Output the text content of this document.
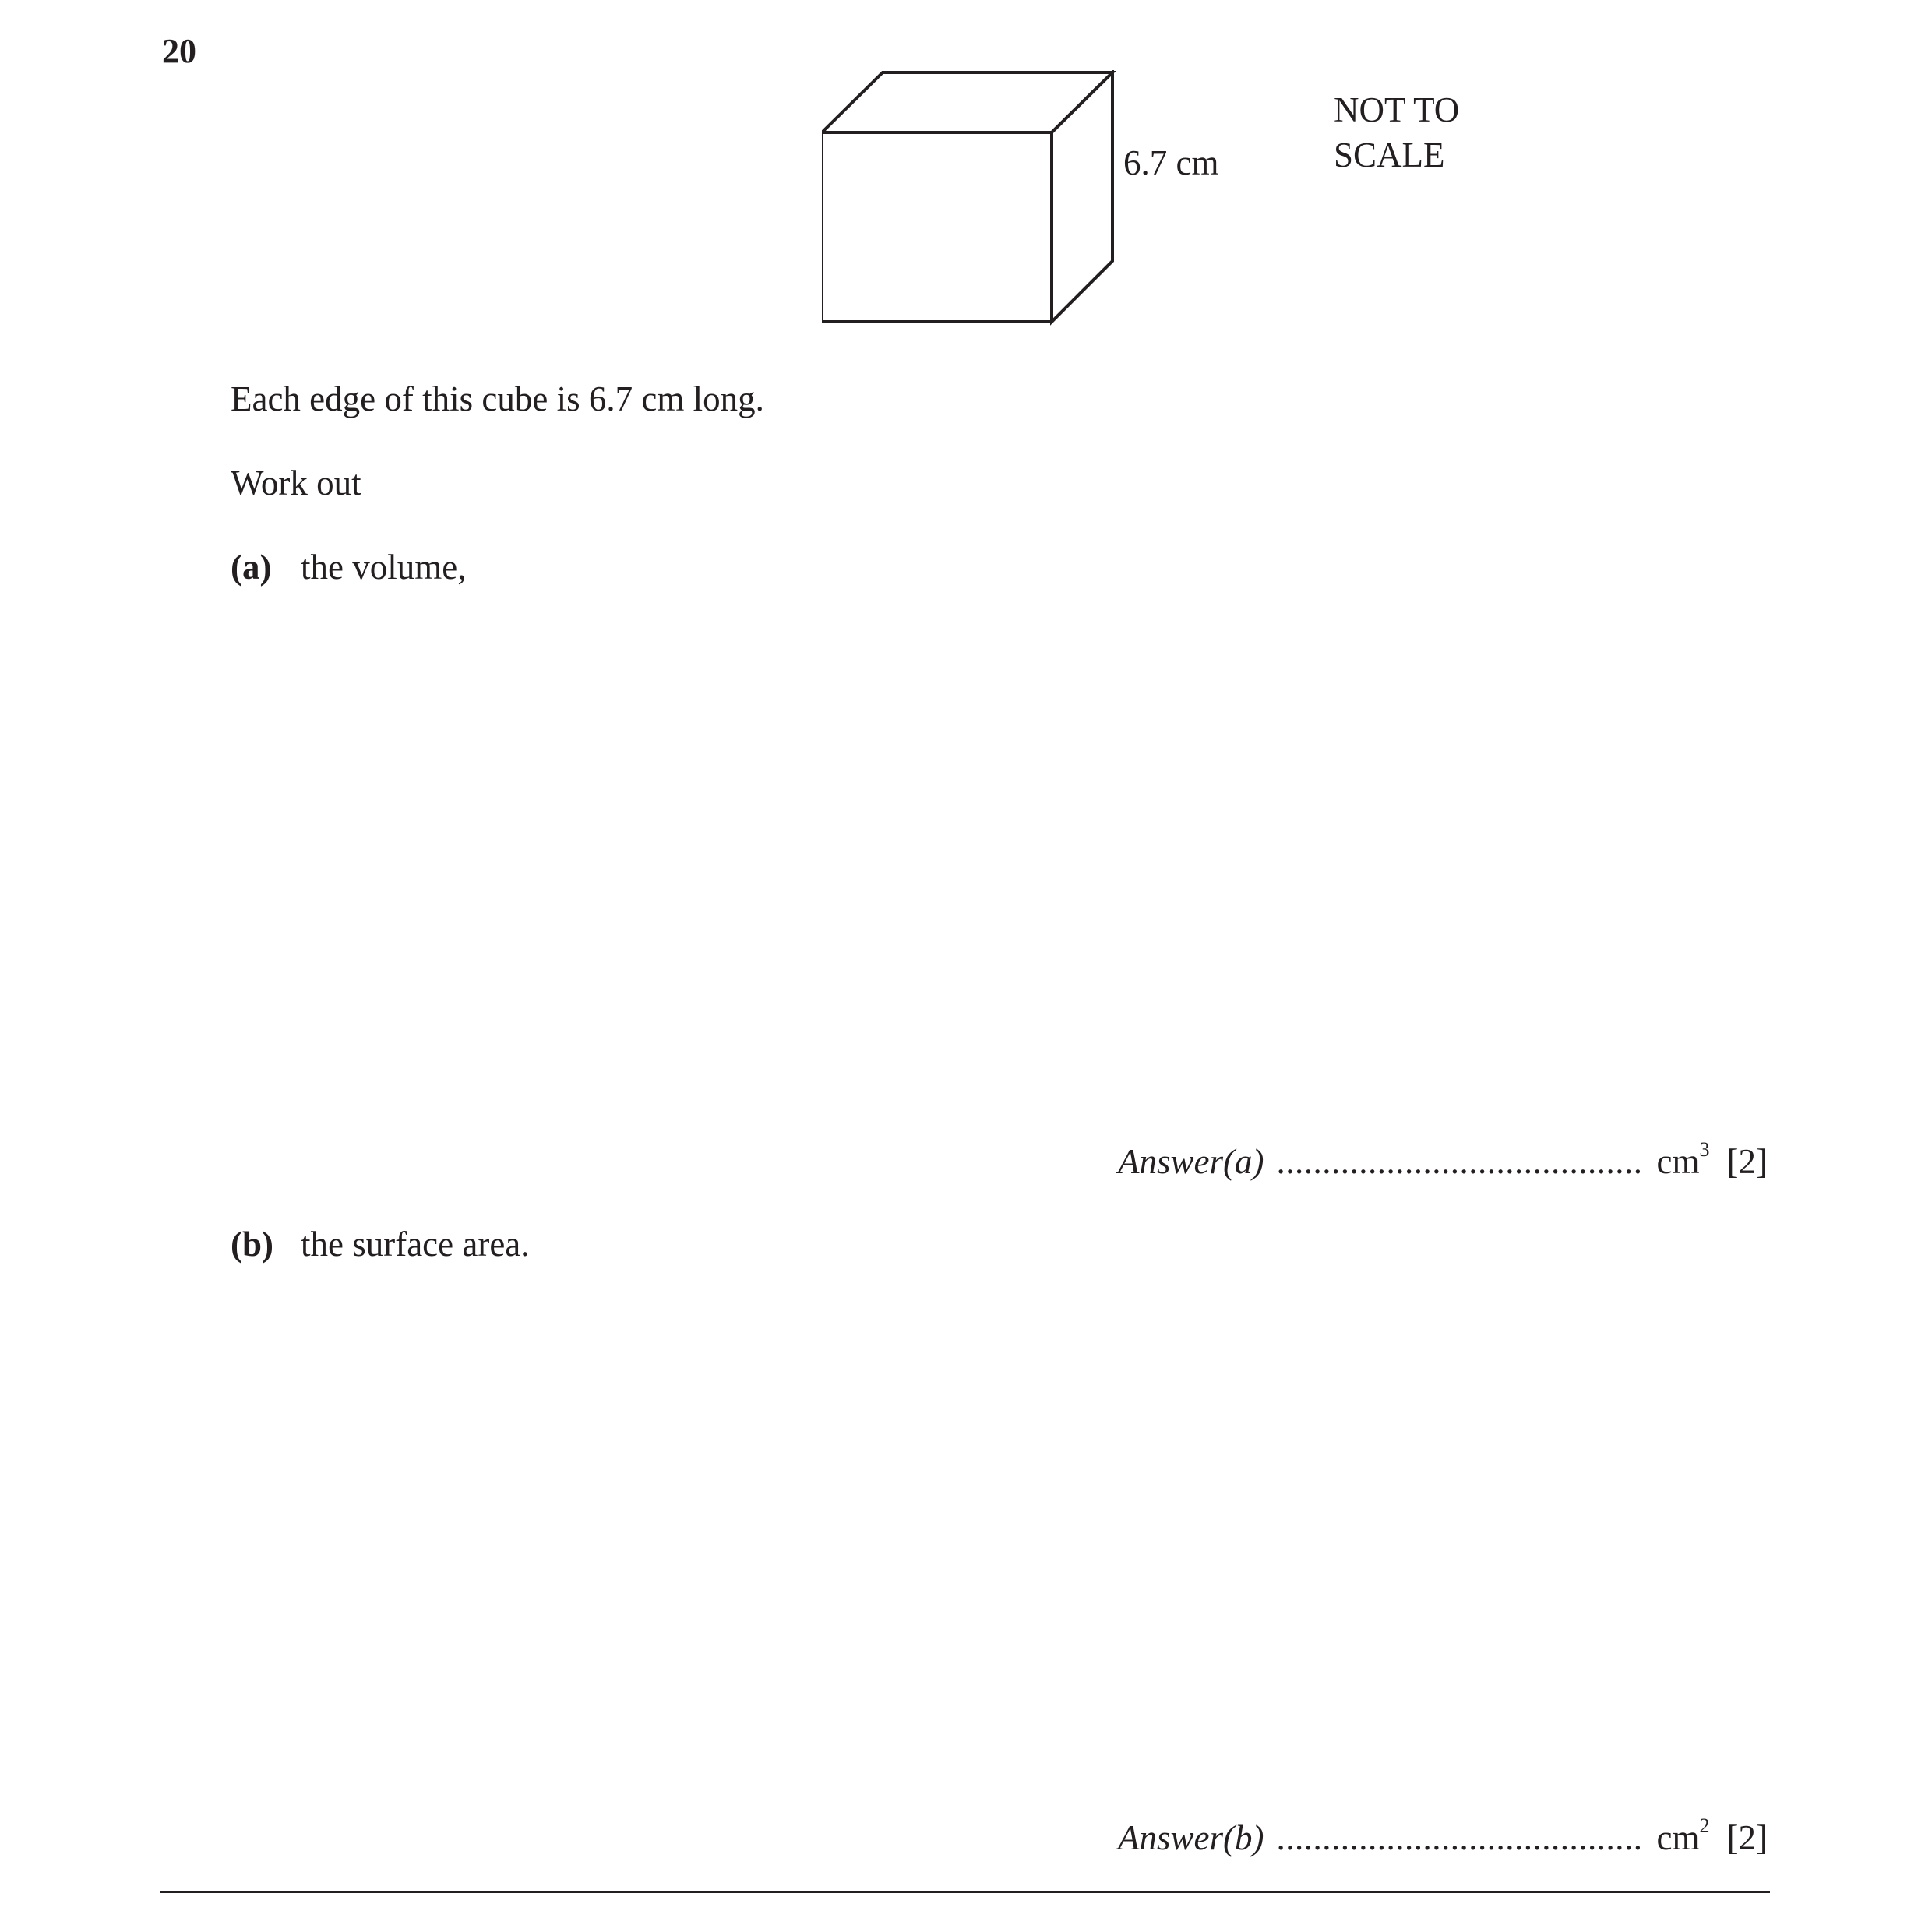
20
6.7 cm
NOT TO
SCALE
Each edge of this cube is 6.7 cm long.
Work out
(a) the volume,
Answer(a) ........................................ $cm^3$ [2]
(b) the surface area.
Answer(b) ........................................ $cm^2$ [2]
